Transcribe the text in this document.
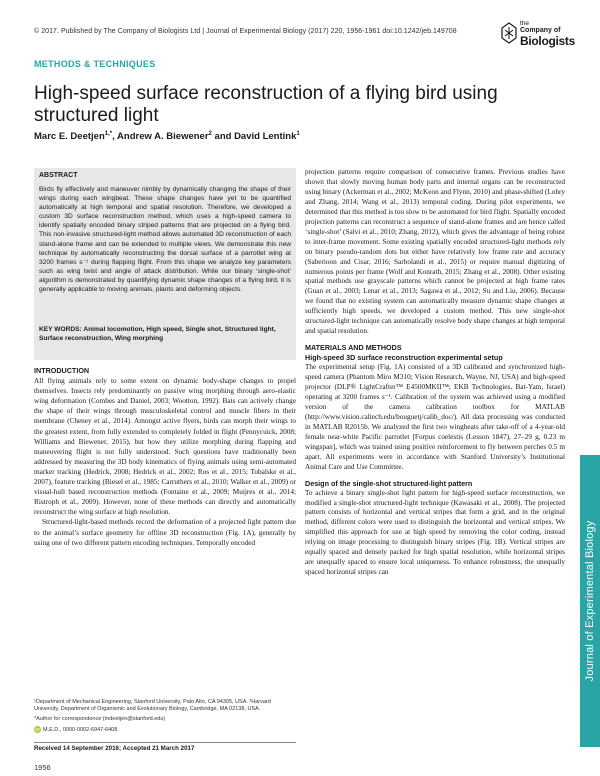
© 2017. Published by The Company of Biologists Ltd | Journal of Experimental Biology (2017) 220, 1956-1961 doi:10.1242/jeb.149708
the
Company of
Biologists
METHODS & TECHNIQUES
High-speed surface reconstruction of a flying bird using structured light
Marc E. Deetjen$^{1,*}$, Andrew A. Biewener$^2$ and David Lentink$^1$
ABSTRACT
Birds fly effectively and maneuver nimbly by dynamically changing the shape of their wings during each wingbeat. These shape changes have yet to be quantified automatically at high temporal and spatial resolution. Therefore, we developed a custom 3D surface reconstruction method, which uses a high-speed camera to identify spatially encoded binary striped patterns that are projected on a flying bird. This non-invasive structured-light method allows automated 3D reconstruction of each stand-alone frame and can be extended to multiple views. We demonstrate this new technique by automatically reconstructing the dorsal surface of a parrotlet wing at 3200 frames s⁻¹ during flapping flight. From this shape we analyze key parameters such as wing twist and angle of attack distribution. While our binary ‘single-shot’ algorithm is demonstrated by quantifying dynamic shape changes of a flying bird, it is generally applicable to moving animals, plants and deforming objects.
KEY WORDS: Animal locomotion, High speed, Single shot, Structured light, Surface reconstruction, Wing morphing
INTRODUCTION

All flying animals rely to some extent on dynamic body-shape changes to propel themselves. Insects rely predominantly on passive wing morphing through aero-elastic wing deformation (Combes and Daniel, 2003; Wootton, 1992). Bats can actively change the shape of their wings through musculoskeletal control and muscle fibers in their membrane (Cheney et al., 2014). Amongst active flyers, birds can morph their wings to the greatest extent, from fully extended to completely folded in flight (Pennycuick, 2008; Williams and Biewener, 2015), but how they utilize morphing during flapping and maneuvering flight is not fully understood. Such questions have traditionally been addressed by measuring the 3D body kinematics of flying animals using semi-automated marker tracking (Hedrick, 2008; Hedrick et al., 2002; Ros et al., 2015; Tobalske et al., 2007), feature tracking (Biesel et al., 1985; Carruthers et al., 2010; Walker et al., 2009) or visual-hull based reconstruction methods (Fontaine et al., 2009; Muijres et al., 2014; Ristroph et al., 2009). However, none of these methods can directly and automatically reconstruct the wing surface at high resolution.

Structured-light-based methods record the deformation of a projected light pattern due to the animal’s surface geometry for offline 3D reconstruction (Fig. 1A), generally by using one of two different pattern encoding techniques. Temporally encoded

projection patterns require comparison of consecutive frames. Previous studies have shown that slowly moving human body parts and internal organs can be reconstructed using binary (Ackerman et al., 2002; McKeon and Flynn, 2010) and phase-shifted (Lohry and Zhang, 2014; Wang et al., 2013) temporal coding. During pilot experiments, we determined that this method is too slow to be automated for bird flight. Spatially encoded projection patterns can reconstruct a sequence of stand-alone frames and are hence called ‘single-shot’ (Salvi et al., 2010; Zhang, 2012), which gives the advantage of being robust to inter-frame movement. Some existing spatially encoded structured-light methods rely on binary pseudo-random dots but either have relatively low frame rate and accuracy (Saberioon and Cisar, 2016; Sarbolandi et al., 2015) or require manual digitizing of numerous points per frame (Wolf and Konrath, 2015; Zhang et al., 2008). Other existing spatial methods use grayscale patterns which cannot be projected at high frame rates (Guan et al., 2003; Lenar et al., 2013; Sagawa et al., 2012; Su and Liu, 2006). Because we found that no existing system can automatically measure dynamic shape changes at sufficiently high speeds, we developed a custom method. This new single-shot structured-light technique can automatically resolve body shape changes at high temporal and spatial resolution.

MATERIALS AND METHODS
High-speed 3D surface reconstruction experimental setup

The experimental setup (Fig. 1A) consisted of a 3D calibrated and synchronized high-speed camera (Phantom Miro M310; Vision Research, Wayne, NJ, USA) and high-speed projector (DLP® LightCrafter™ E4500MKII™; EKB Technologies, Bat-Yam, Israel) operating at 3200 frames s⁻¹. Calibration of the system was achieved using a modified version of the camera calibration toolbox for MATLAB (http://www.vision.caltech.edu/bouguetj/calib_doc/). All data processing was conducted in MATLAB R2015b. We analyzed the first two wingbeats after take-off of a 4-year-old female near-white Pacific parrotlet [Forpus coelestis (Lesson 1847), 27–29 g, 0.23 m wingspan], which was trained using positive reinforcement to fly between perches 0.5 m apart. All experiments were in accordance with Stanford University’s Institutional Animal Care and Use Committee.

Design of the single-shot structured-light pattern

To achieve a binary single-shot light pattern for high-speed surface reconstruction, we modified a single-shot structured-light technique (Kawasaki et al., 2008). The projected pattern consists of horizontal and vertical stripes that form a grid, and in the original method, different colors were used to distinguish the horizontal and vertical stripes. We simplified this approach for use at high speed by removing the color coding, instead relying on image processing to distinguish binary stripes (Fig. 1B). Vertical stripes are equally spaced and densely packed for high spatial resolution, while horizontal stripes are unequally spaced to ensure local uniqueness. To enhance robustness, the unequally spaced horizontal stripes can

¹Department of Mechanical Engineering, Stanford University, Palo Alto, CA 94305, USA. ²Harvard University, Department of Organismic and Evolutionary Biology, Cambridge, MA 02138, USA.

*Author for correspondence (mdeetjen@stanford.edu)

iD M.E.D., 0000-0002-6947-6408

Received 14 September 2016; Accepted 21 March 2017
1956
Journal of Experimental Biology
